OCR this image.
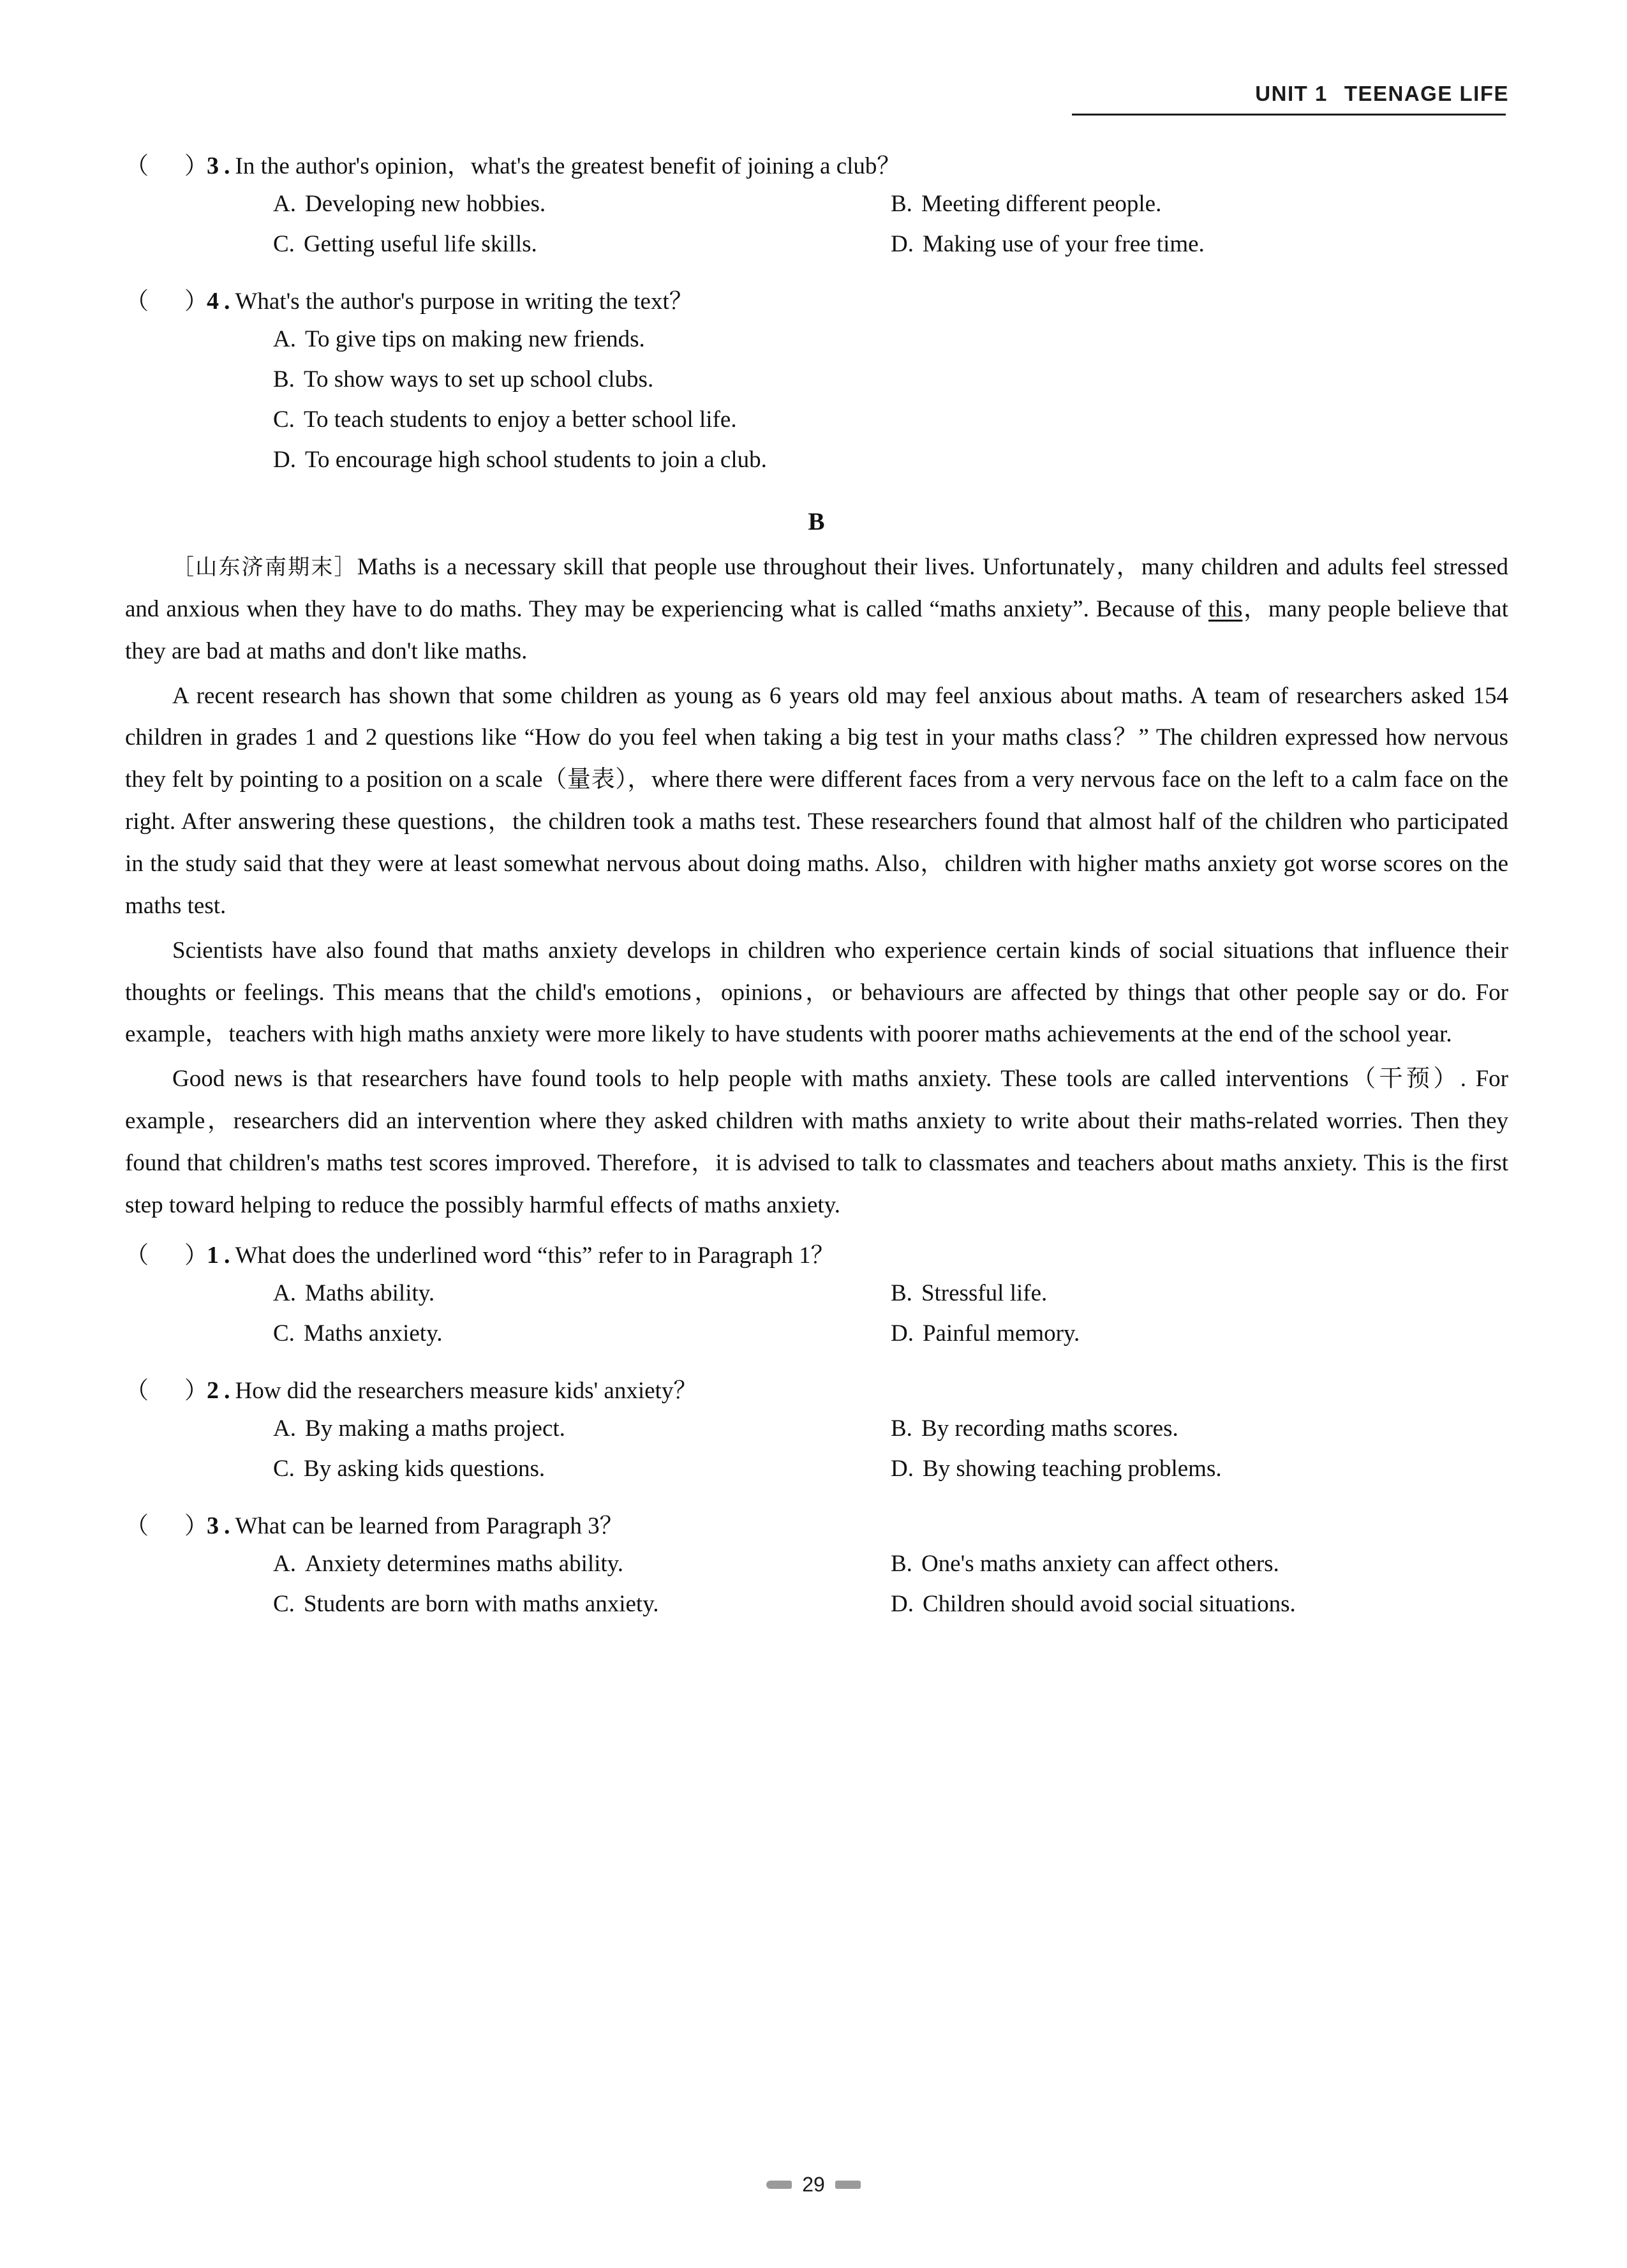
UNIT 1 TEENAGE LIFE
（ ）
3 . In the author's opinion，what's the greatest benefit of joining a club？
A. Developing new hobbies.	B. Meeting different people.
C. Getting useful life skills.	D. Making use of your free time.
（ ）
4 . What's the author's purpose in writing the text？
A. To give tips on making new friends.
B. To show ways to set up school clubs.
C. To teach students to enjoy a better school life.
D. To encourage high school students to join a club.
B

［山东济南期末］Maths is a necessary skill that people use throughout their lives. Unfortunately，many children and adults feel stressed and anxious when they have to do maths. They may be experiencing what is called “maths anxiety”. Because of this，many people believe that they are bad at maths and don't like maths.

A recent research has shown that some children as young as 6 years old may feel anxious about maths. A team of researchers asked 154 children in grades 1 and 2 questions like “How do you feel when taking a big test in your maths class？” The children expressed how nervous they felt by pointing to a position on a scale（量表），where there were different faces from a very nervous face on the left to a calm face on the right. After answering these questions，the children took a maths test. These researchers found that almost half of the children who participated in the study said that they were at least somewhat nervous about doing maths. Also，children with higher maths anxiety got worse scores on the maths test.

Scientists have also found that maths anxiety develops in children who experience certain kinds of social situations that influence their thoughts or feelings. This means that the child's emotions，opinions，or behaviours are affected by things that other people say or do. For example，teachers with high maths anxiety were more likely to have students with poorer maths achievements at the end of the school year.

Good news is that researchers have found tools to help people with maths anxiety. These tools are called interventions（干预）. For example，researchers did an intervention where they asked children with maths anxiety to write about their maths-related worries. Then they found that children's maths test scores improved. Therefore，it is advised to talk to classmates and teachers about maths anxiety. This is the first step toward helping to reduce the possibly harmful effects of maths anxiety.

（ ）
1 . What does the underlined word “this” refer to in Paragraph 1？
A. Maths ability.	B. Stressful life.
C. Maths anxiety.	D. Painful memory.
（ ）
2 . How did the researchers measure kids' anxiety？
A. By making a maths project.	B. By recording maths scores.
C. By asking kids questions.	D. By showing teaching problems.
（ ）
3 . What can be learned from Paragraph 3？
A. Anxiety determines maths ability.	B. One's maths anxiety can affect others.
C. Students are born with maths anxiety.	D. Children should avoid social situations.
29
